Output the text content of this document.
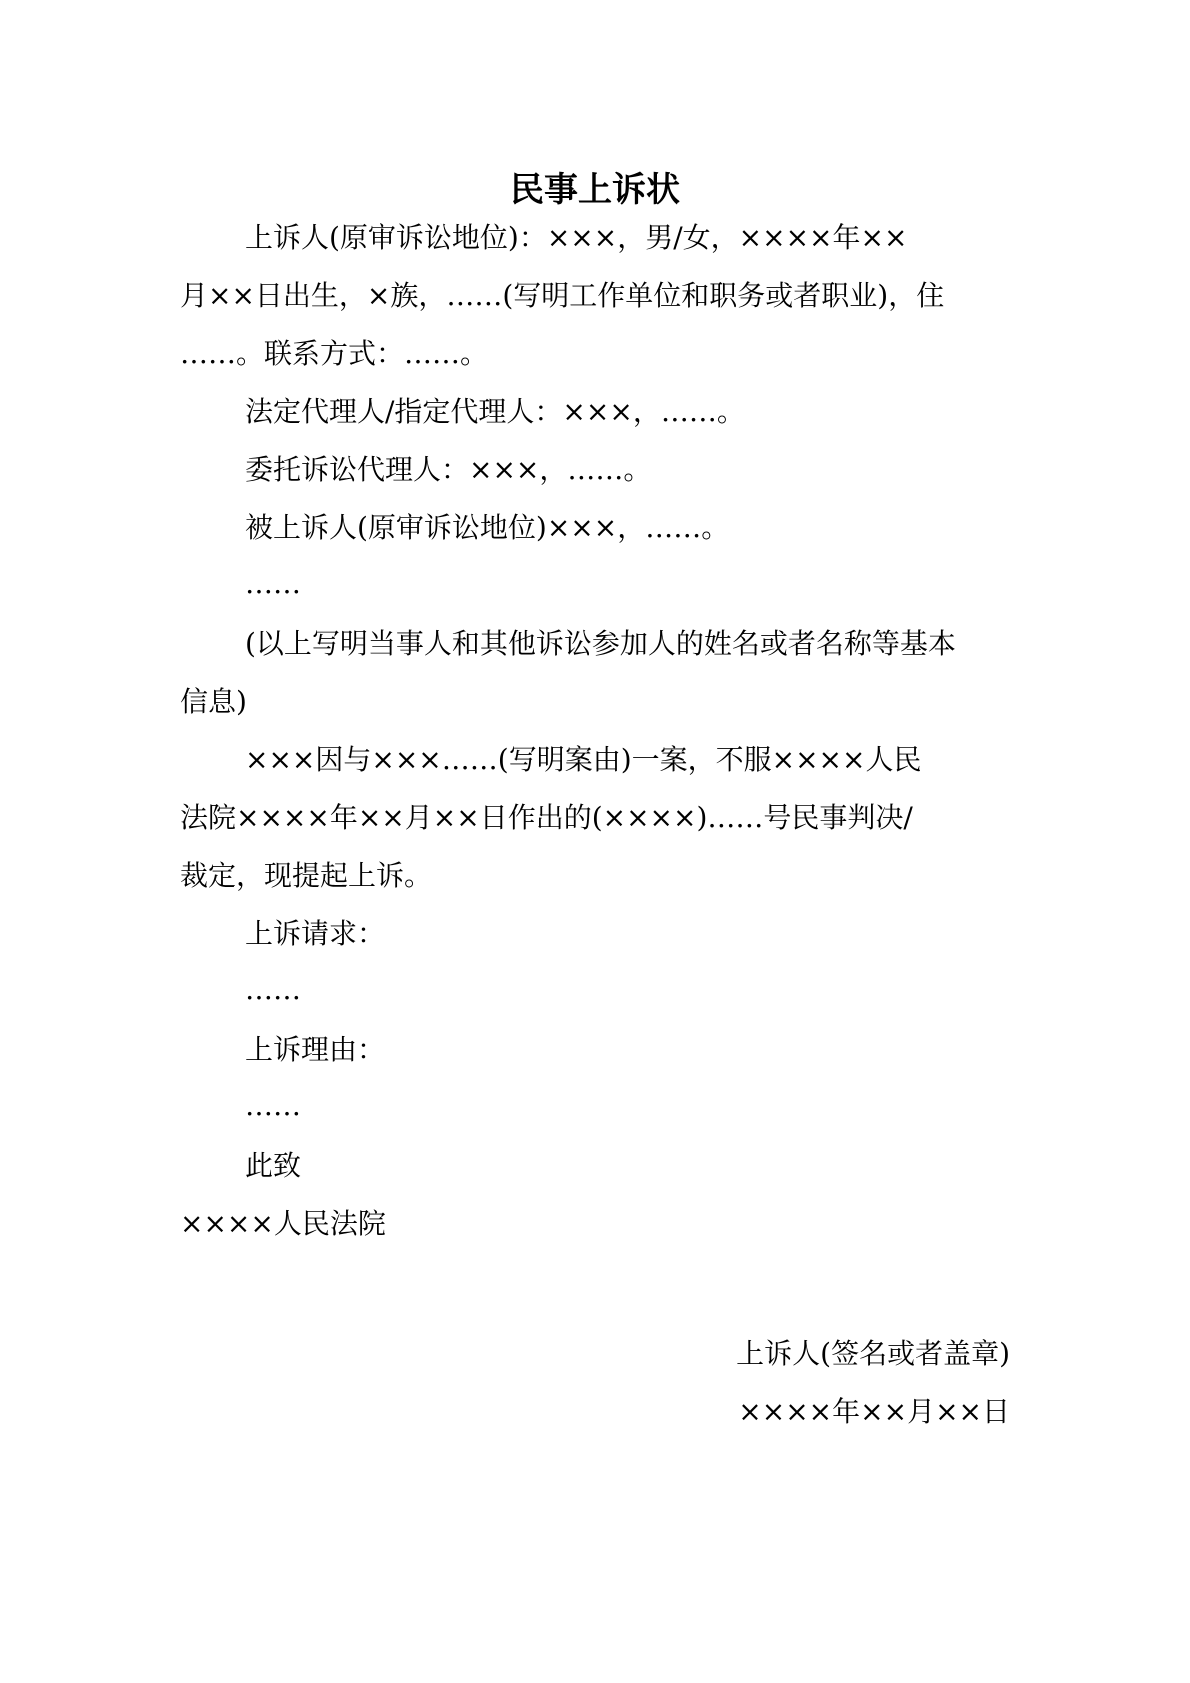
民事上诉状

上诉人(原审诉讼地位)：×××，男/女，××××年××

月××日出生，×族，……(写明工作单位和职务或者职业)，住

……。联系方式：……。

法定代理人/指定代理人：×××，……。

委托诉讼代理人：×××，……。

被上诉人(原审诉讼地位)×××，……。

……

(以上写明当事人和其他诉讼参加人的姓名或者名称等基本

信息)

×××因与×××……(写明案由)一案，不服××××人民

法院××××年××月××日作出的(××××)……号民事判决/

裁定，现提起上诉。

上诉请求：

……

上诉理由：

……

此致

××××人民法院

上诉人(签名或者盖章)

××××年××月××日
